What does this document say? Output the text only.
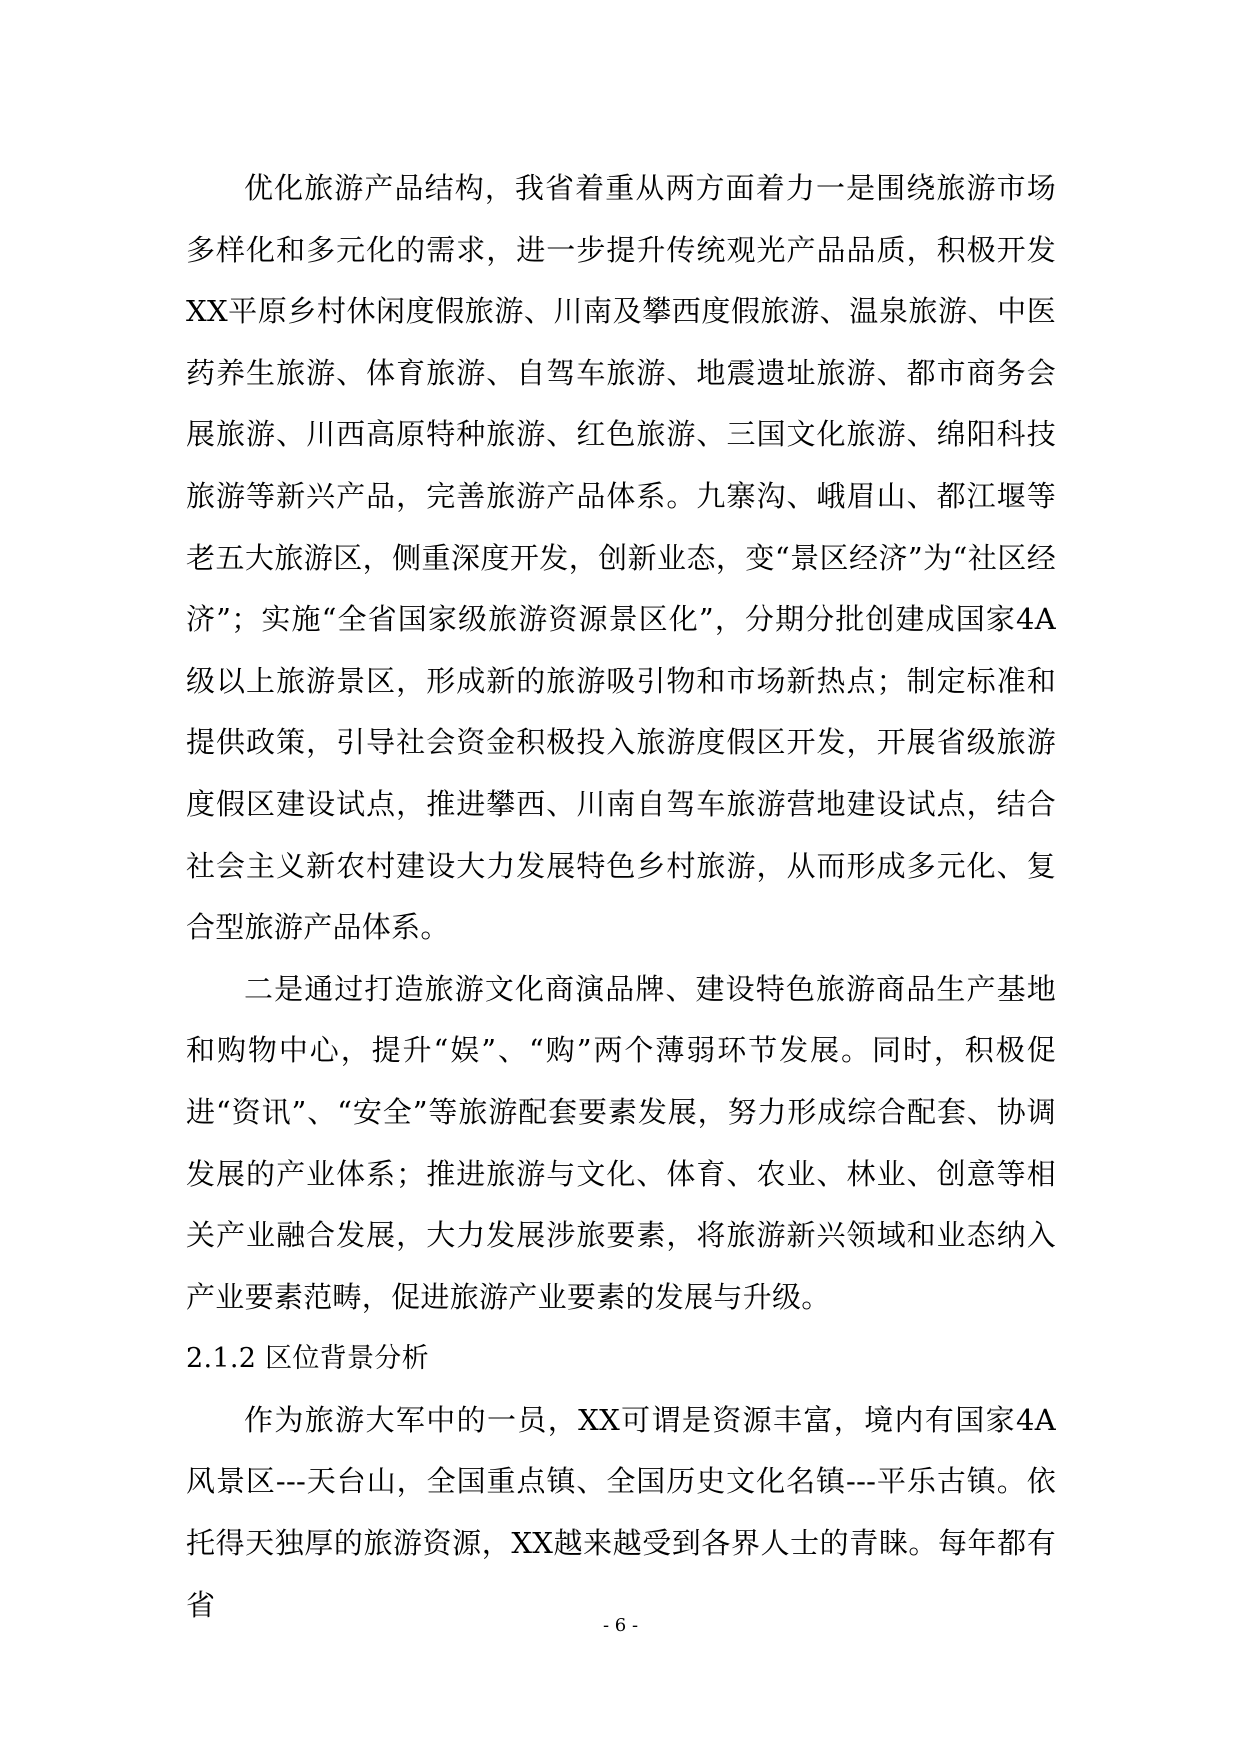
优化旅游产品结构，我省着重从两方面着力一是围绕旅游市场多样化和多元化的需求，进一步提升传统观光产品品质，积极开发XX平原乡村休闲度假旅游、川南及攀西度假旅游、温泉旅游、中医药养生旅游、体育旅游、自驾车旅游、地震遗址旅游、都市商务会展旅游、川西高原特种旅游、红色旅游、三国文化旅游、绵阳科技旅游等新兴产品，完善旅游产品体系。九寨沟、峨眉山、都江堰等老五大旅游区，侧重深度开发，创新业态，变“景区经济”为“社区经济”；实施“全省国家级旅游资源景区化”，分期分批创建成国家4A级以上旅游景区，形成新的旅游吸引物和市场新热点；制定标准和提供政策，引导社会资金积极投入旅游度假区开发，开展省级旅游度假区建设试点，推进攀西、川南自驾车旅游营地建设试点，结合社会主义新农村建设大力发展特色乡村旅游，从而形成多元化、复合型旅游产品体系。

二是通过打造旅游文化商演品牌、建设特色旅游商品生产基地和购物中心，提升“娱”、“购”两个薄弱环节发展。同时，积极促进“资讯”、“安全”等旅游配套要素发展，努力形成综合配套、协调发展的产业体系；推进旅游与文化、体育、农业、林业、创意等相关产业融合发展，大力发展涉旅要素，将旅游新兴领域和业态纳入产业要素范畴，促进旅游产业要素的发展与升级。

2.1.2 区位背景分析

作为旅游大军中的一员，XX可谓是资源丰富，境内有国家4A风景区---天台山，全国重点镇、全国历史文化名镇---平乐古镇。依托得天独厚的旅游资源，XX越来越受到各界人士的青睐。每年都有省

- 6 -
